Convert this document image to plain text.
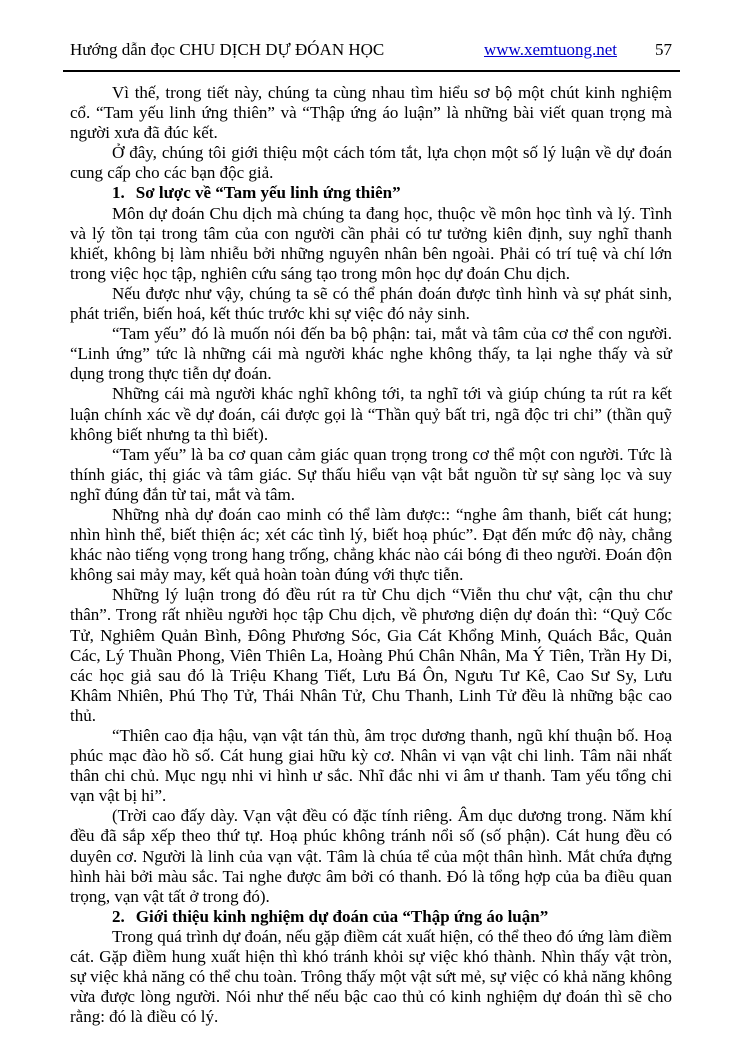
Hướng dẫn đọc CHU DỊCH DỰ ĐÓAN HỌC	www.xemtuong.net 57

Vì thế, trong tiết này, chúng ta cùng nhau tìm hiểu sơ bộ một chút kinh nghiệm cổ. “Tam yếu linh ứng thiên” và “Thập ứng áo luận” là những bài viết quan trọng mà người xưa đã đúc kết.

Ở đây, chúng tôi giới thiệu một cách tóm tắt, lựa chọn một số lý luận về dự đoán cung cấp cho các bạn độc giả.

1. Sơ lược về “Tam yếu linh ứng thiên”

Môn dự đoán Chu dịch mà chúng ta đang học, thuộc về môn học tình và lý. Tình và lý tồn tại trong tâm của con người cần phải có tư tưởng kiên định, suy nghĩ thanh khiết, không bị làm nhiễu bởi những nguyên nhân bên ngoài. Phải có trí tuệ và chí lớn trong việc học tập, nghiên cứu sáng tạo trong môn học dự đoán Chu dịch.

Nếu được như vậy, chúng ta sẽ có thể phán đoán được tình hình và sự phát sinh, phát triển, biến hoá, kết thúc trước khi sự việc đó nảy sinh.

“Tam yếu” đó là muốn nói đến ba bộ phận: tai, mắt và tâm của cơ thể con người. “Linh ứng” tức là những cái mà người khác nghe không thấy, ta lại nghe thấy và sử dụng trong thực tiễn dự đoán.

Những cái mà người khác nghĩ không tới, ta nghĩ tới và giúp chúng ta rút ra kết luận chính xác về dự đoán, cái được gọi là “Thần quỷ bất tri, ngã độc tri chi” (thần quỹ không biết nhưng ta thì biết).

“Tam yếu” là ba cơ quan cảm giác quan trọng trong cơ thể một con người. Tức là thính giác, thị giác và tâm giác. Sự thấu hiểu vạn vật bắt nguồn từ sự sàng lọc và suy nghĩ đúng đắn từ tai, mắt và tâm.

Những nhà dự đoán cao minh có thể làm được:: “nghe âm thanh, biết cát hung; nhìn hình thể, biết thiện ác; xét các tình lý, biết hoạ phúc”. Đạt đến mức độ này, chẳng khác nào tiếng vọng trong hang trống, chẳng khác nào cái bóng đi theo người. Đoán độn không sai mảy may, kết quả hoàn toàn đúng với thực tiễn.

Những lý luận trong đó đều rút ra từ Chu dịch “Viễn thu chư vật, cận thu chư thân”. Trong rất nhiều người học tập Chu dịch, về phương diện dự đoán thì: “Quỷ Cốc Tử, Nghiêm Quản Bình, Đông Phương Sóc, Gia Cát Khổng Minh, Quách Bắc, Quản Các, Lý Thuần Phong, Viên Thiên La, Hoàng Phú Chân Nhân, Ma Ý Tiên, Trần Hy Di, các học giả sau đó là Triệu Khang Tiết, Lưu Bá Ôn, Ngưu Tư Kê, Cao Sư Sy, Lưu Khâm Nhiên, Phú Thọ Tử, Thái Nhân Tử, Chu Thanh, Linh Tử đều là những bậc cao thủ.

“Thiên cao địa hậu, vạn vật tán thù, âm trọc dương thanh, ngũ khí thuận bố. Hoạ phúc mạc đào hồ số. Cát hung giai hữu kỳ cơ. Nhân vi vạn vật chi linh. Tâm nãi nhất thân chi chủ. Mục ngụ nhi vi hình ư sắc. Nhĩ đắc nhi vi âm ư thanh. Tam yếu tổng chi vạn vật bị hi”.

(Trời cao đấy dày. Vạn vật đều có đặc tính riêng. Âm dục dương trong. Năm khí đều đã sắp xếp theo thứ tự. Hoạ phúc không tránh nổi số (số phận). Cát hung đều có duyên cơ. Người là linh của vạn vật. Tâm là chúa tể của một thân hình. Mắt chứa đựng hình hài bởi màu sắc. Tai nghe được âm bởi có thanh. Đó là tổng hợp của ba điều quan trọng, vạn vật tất ở trong đó).

2. Giới thiệu kinh nghiệm dự đoán của “Thập ứng áo luận”

Trong quá trình dự đoán, nếu gặp điềm cát xuất hiện, có thể theo đó ứng làm điềm cát. Gặp điềm hung xuất hiện thì khó tránh khỏi sự việc khó thành. Nhìn thấy vật tròn, sự việc khả năng có thể chu toàn. Trông thấy một vật sứt mẻ, sự việc có khả năng không vừa được lòng người. Nói như thế nếu bậc cao thủ có kinh nghiệm dự đoán thì sẽ cho rằng: đó là điều có lý.
